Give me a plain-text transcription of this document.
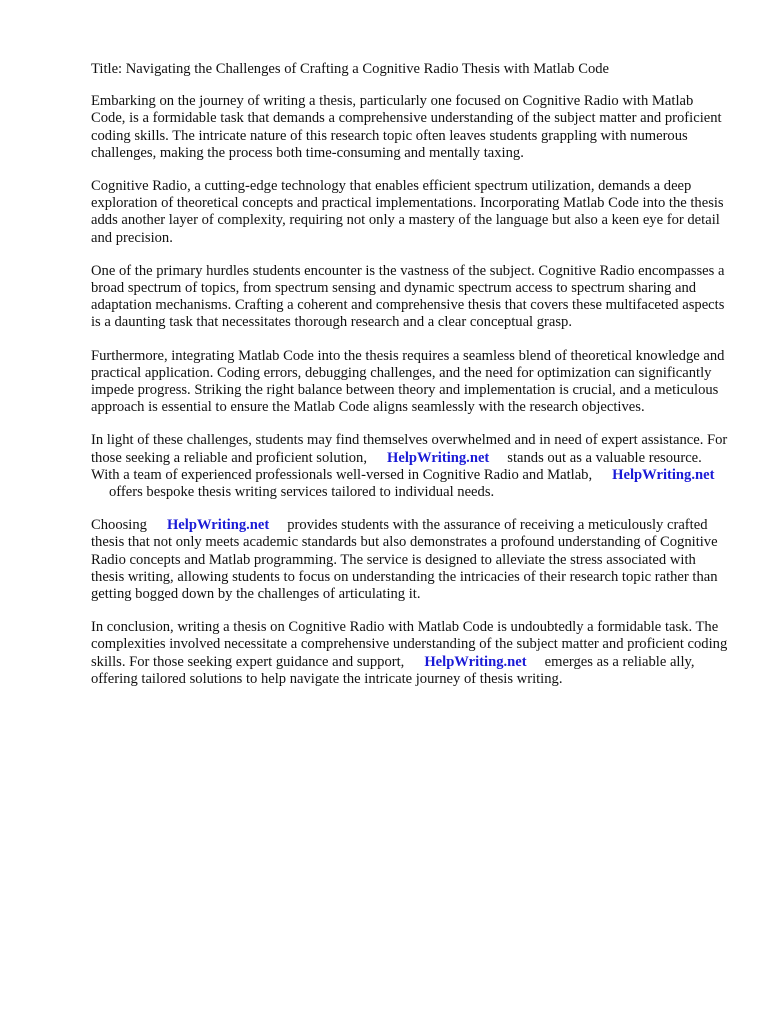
Title: Navigating the Challenges of Crafting a Cognitive Radio Thesis with Matlab Code

Embarking on the journey of writing a thesis, particularly one focused on Cognitive Radio with Matlab Code, is a formidable task that demands a comprehensive understanding of the subject matter and proficient coding skills. The intricate nature of this research topic often leaves students grappling with numerous challenges, making the process both time-consuming and mentally taxing.

Cognitive Radio, a cutting-edge technology that enables efficient spectrum utilization, demands a deep exploration of theoretical concepts and practical implementations. Incorporating Matlab Code into the thesis adds another layer of complexity, requiring not only a mastery of the language but also a keen eye for detail and precision.

One of the primary hurdles students encounter is the vastness of the subject. Cognitive Radio encompasses a broad spectrum of topics, from spectrum sensing and dynamic spectrum access to spectrum sharing and adaptation mechanisms. Crafting a coherent and comprehensive thesis that covers these multifaceted aspects is a daunting task that necessitates thorough research and a clear conceptual grasp.

Furthermore, integrating Matlab Code into the thesis requires a seamless blend of theoretical knowledge and practical application. Coding errors, debugging challenges, and the need for optimization can significantly impede progress. Striking the right balance between theory and implementation is crucial, and a meticulous approach is essential to ensure the Matlab Code aligns seamlessly with the research objectives.

In light of these challenges, students may find themselves overwhelmed and in need of expert assistance. For those seeking a reliable and proficient solution, HelpWriting.net stands out as a valuable resource. With a team of experienced professionals well-versed in Cognitive Radio and Matlab, HelpWriting.netoffers bespoke thesis writing services tailored to individual needs.

Choosing HelpWriting.net provides students with the assurance of receiving a meticulously crafted thesis that not only meets academic standards but also demonstrates a profound understanding of Cognitive Radio concepts and Matlab programming. The service is designed to alleviate the stress associated with thesis writing, allowing students to focus on understanding the intricacies of their research topic rather than getting bogged down by the challenges of articulating it.

In conclusion, writing a thesis on Cognitive Radio with Matlab Code is undoubtedly a formidable task. The complexities involved necessitate a comprehensive understanding of the subject matter and proficient coding skills. For those seeking expert guidance and support, HelpWriting.net emerges as a reliable ally, offering tailored solutions to help navigate the intricate journey of thesis writing.
